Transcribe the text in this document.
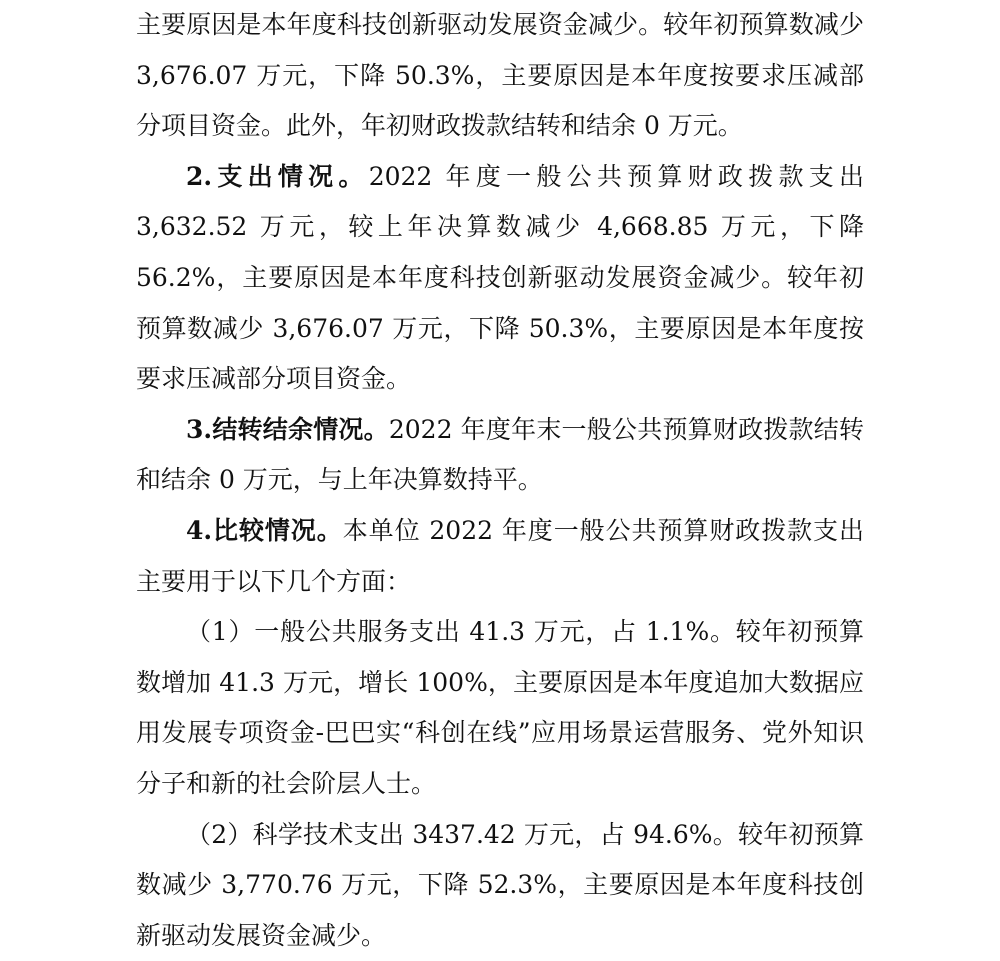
主要原因是本年度科技创新驱动发展资金减少。较年初预算数减少 3,676.07 万元，下降 50.3%，主要原因是本年度按要求压减部分项目资金。此外，年初财政拨款结转和结余 0 万元。

2.支出情况。2022 年度一般公共预算财政拨款支出 3,632.52 万元，较上年决算数减少 4,668.85 万元，下降 56.2%，主要原因是本年度科技创新驱动发展资金减少。较年初预算数减少 3,676.07 万元，下降 50.3%，主要原因是本年度按要求压减部分项目资金。

3.结转结余情况。2022 年度年末一般公共预算财政拨款结转和结余 0 万元，与上年决算数持平。

4.比较情况。本单位 2022 年度一般公共预算财政拨款支出主要用于以下几个方面：

（1）一般公共服务支出 41.3 万元，占 1.1%。较年初预算数增加 41.3 万元，增长 100%，主要原因是本年度追加大数据应用发展专项资金-巴巴实“科创在线”应用场景运营服务、党外知识分子和新的社会阶层人士。

（2）科学技术支出 3437.42 万元，占 94.6%。较年初预算数减少 3,770.76 万元，下降 52.3%，主要原因是本年度科技创新驱动发展资金减少。
